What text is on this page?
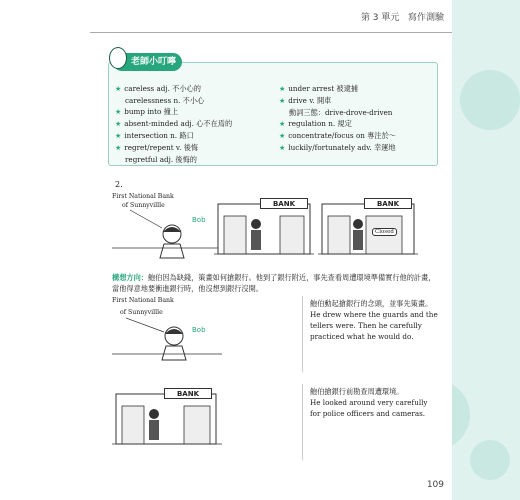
第 3 單元 寫作測驗
老師小叮嚀
★ careless adj. 不小心的
carelessness n. 不小心
★ bump into 撞上
★ absent-minded adj. 心不在焉的
★ intersection n. 路口
★ regret/repent v. 後悔
regretful adj. 後悔的
★ under arrest 被逮捕
★ drive v. 開車
動詞三態：drive-drove-driven
★ regulation n. 規定
★ concentrate/focus on 專注於～
★ luckily/fortunately adv. 幸運地
2.
First National Bank
of Sunnyvillle
Bob
BANK	BANK
Closed
構想方向：鮑伯因為缺錢，策畫如何搶銀行。他到了銀行附近，事先查看周遭環境準備實行他的計畫，當他得意地要衝進銀行時，他沒想到銀行沒開。
First National Bank
of Sunnyvillle
Bob
鮑伯動起搶銀行的念頭，並事先策畫。
He drew where the guards and the tellers were. Then he carefully practiced what he would do.
BANK	鮑伯搶銀行前勘查周遭環境。
He looked around very carefully for police officers and cameras.
109
